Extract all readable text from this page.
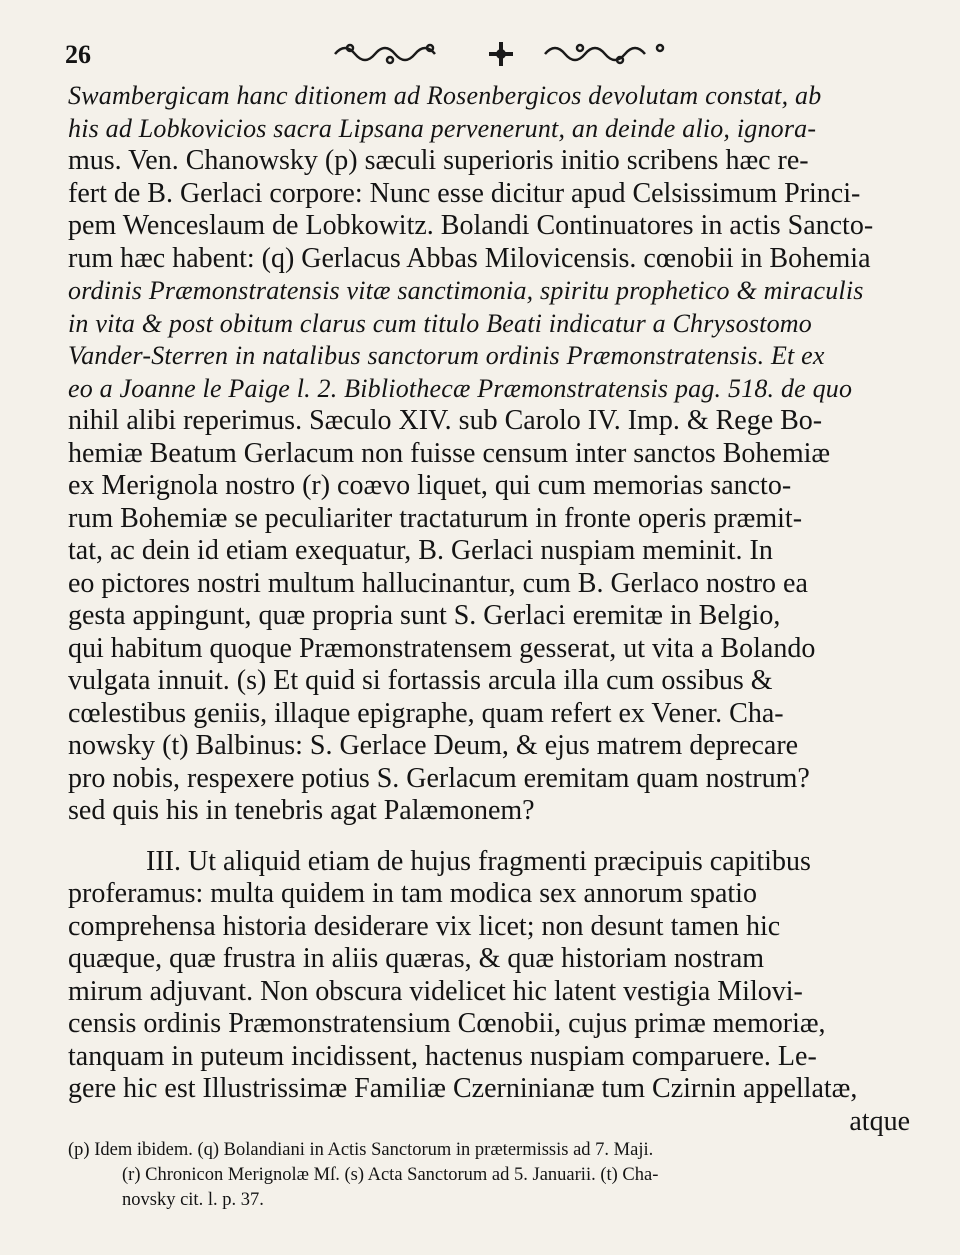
26
Swambergicam hanc ditionem ad Rosenbergicos devolutam constat, ab
his ad Lobkovicios sacra Lipsana pervenerunt, an deinde alio, ignora-
mus. Ven. Chanowsky (p) sæculi superioris initio scribens hæc re-
fert de B. Gerlaci corpore: Nunc esse dicitur apud Celsissimum Princi-
pem Wenceslaum de Lobkowitz. Bolandi Continuatores in actis Sancto-
rum hæc habent: (q) Gerlacus Abbas Milovicensis. cœnobii in Bohemia
ordinis Præmonstratensis vitæ sanctimonia, spiritu prophetico & miraculis
in vita & post obitum clarus cum titulo Beati indicatur a Chrysostomo
Vander-Sterren in natalibus sanctorum ordinis Præmonstratensis. Et ex
eo a Joanne le Paige l. 2. Bibliothecæ Præmonstratensis pag. 518. de quo
nihil alibi reperimus. Sæculo XIV. sub Carolo IV. Imp. & Rege Bo-
hemiæ Beatum Gerlacum non fuisse censum inter sanctos Bohemiæ
ex Merignola nostro (r) coævo liquet, qui cum memorias sancto-
rum Bohemiæ se peculiariter tractaturum in fronte operis præmit-
tat, ac dein id etiam exequatur, B. Gerlaci nuspiam meminit. In
eo pictores nostri multum hallucinantur, cum B. Gerlaco nostro ea
gesta appingunt, quæ propria sunt S. Gerlaci eremitæ in Belgio,
qui habitum quoque Præmonstratensem gesserat, ut vita a Bolando
vulgata innuit. (s) Et quid si fortassis arcula illa cum ossibus &
cœlestibus geniis, illaque epigraphe, quam refert ex Vener. Cha-
nowsky (t) Balbinus: S. Gerlace Deum, & ejus matrem deprecare
pro nobis, respexere potius S. Gerlacum eremitam quam nostrum?
sed quis his in tenebris agat Palæmonem?
III. Ut aliquid etiam de hujus fragmenti præcipuis capitibus
proferamus: multa quidem in tam modica sex annorum spatio
comprehensa historia desiderare vix licet; non desunt tamen hic
quæque, quæ frustra in aliis quæras, & quæ historiam nostram
mirum adjuvant. Non obscura videlicet hic latent vestigia Milovi-
censis ordinis Præmonstratensium Cœnobii, cujus primæ memoriæ,
tanquam in puteum incidissent, hactenus nuspiam comparuere. Le-
gere hic est Illustrissimæ Familiæ Czerninianæ tum Czirnin appellatæ,
atque
(p) Idem ibidem. (q) Bolandiani in Actis Sanctorum in prætermissis ad 7. Maji.
(r) Chronicon Merignolæ Mſ. (s) Acta Sanctorum ad 5. Januarii. (t) Cha-
novsky cit. l. p. 37.
